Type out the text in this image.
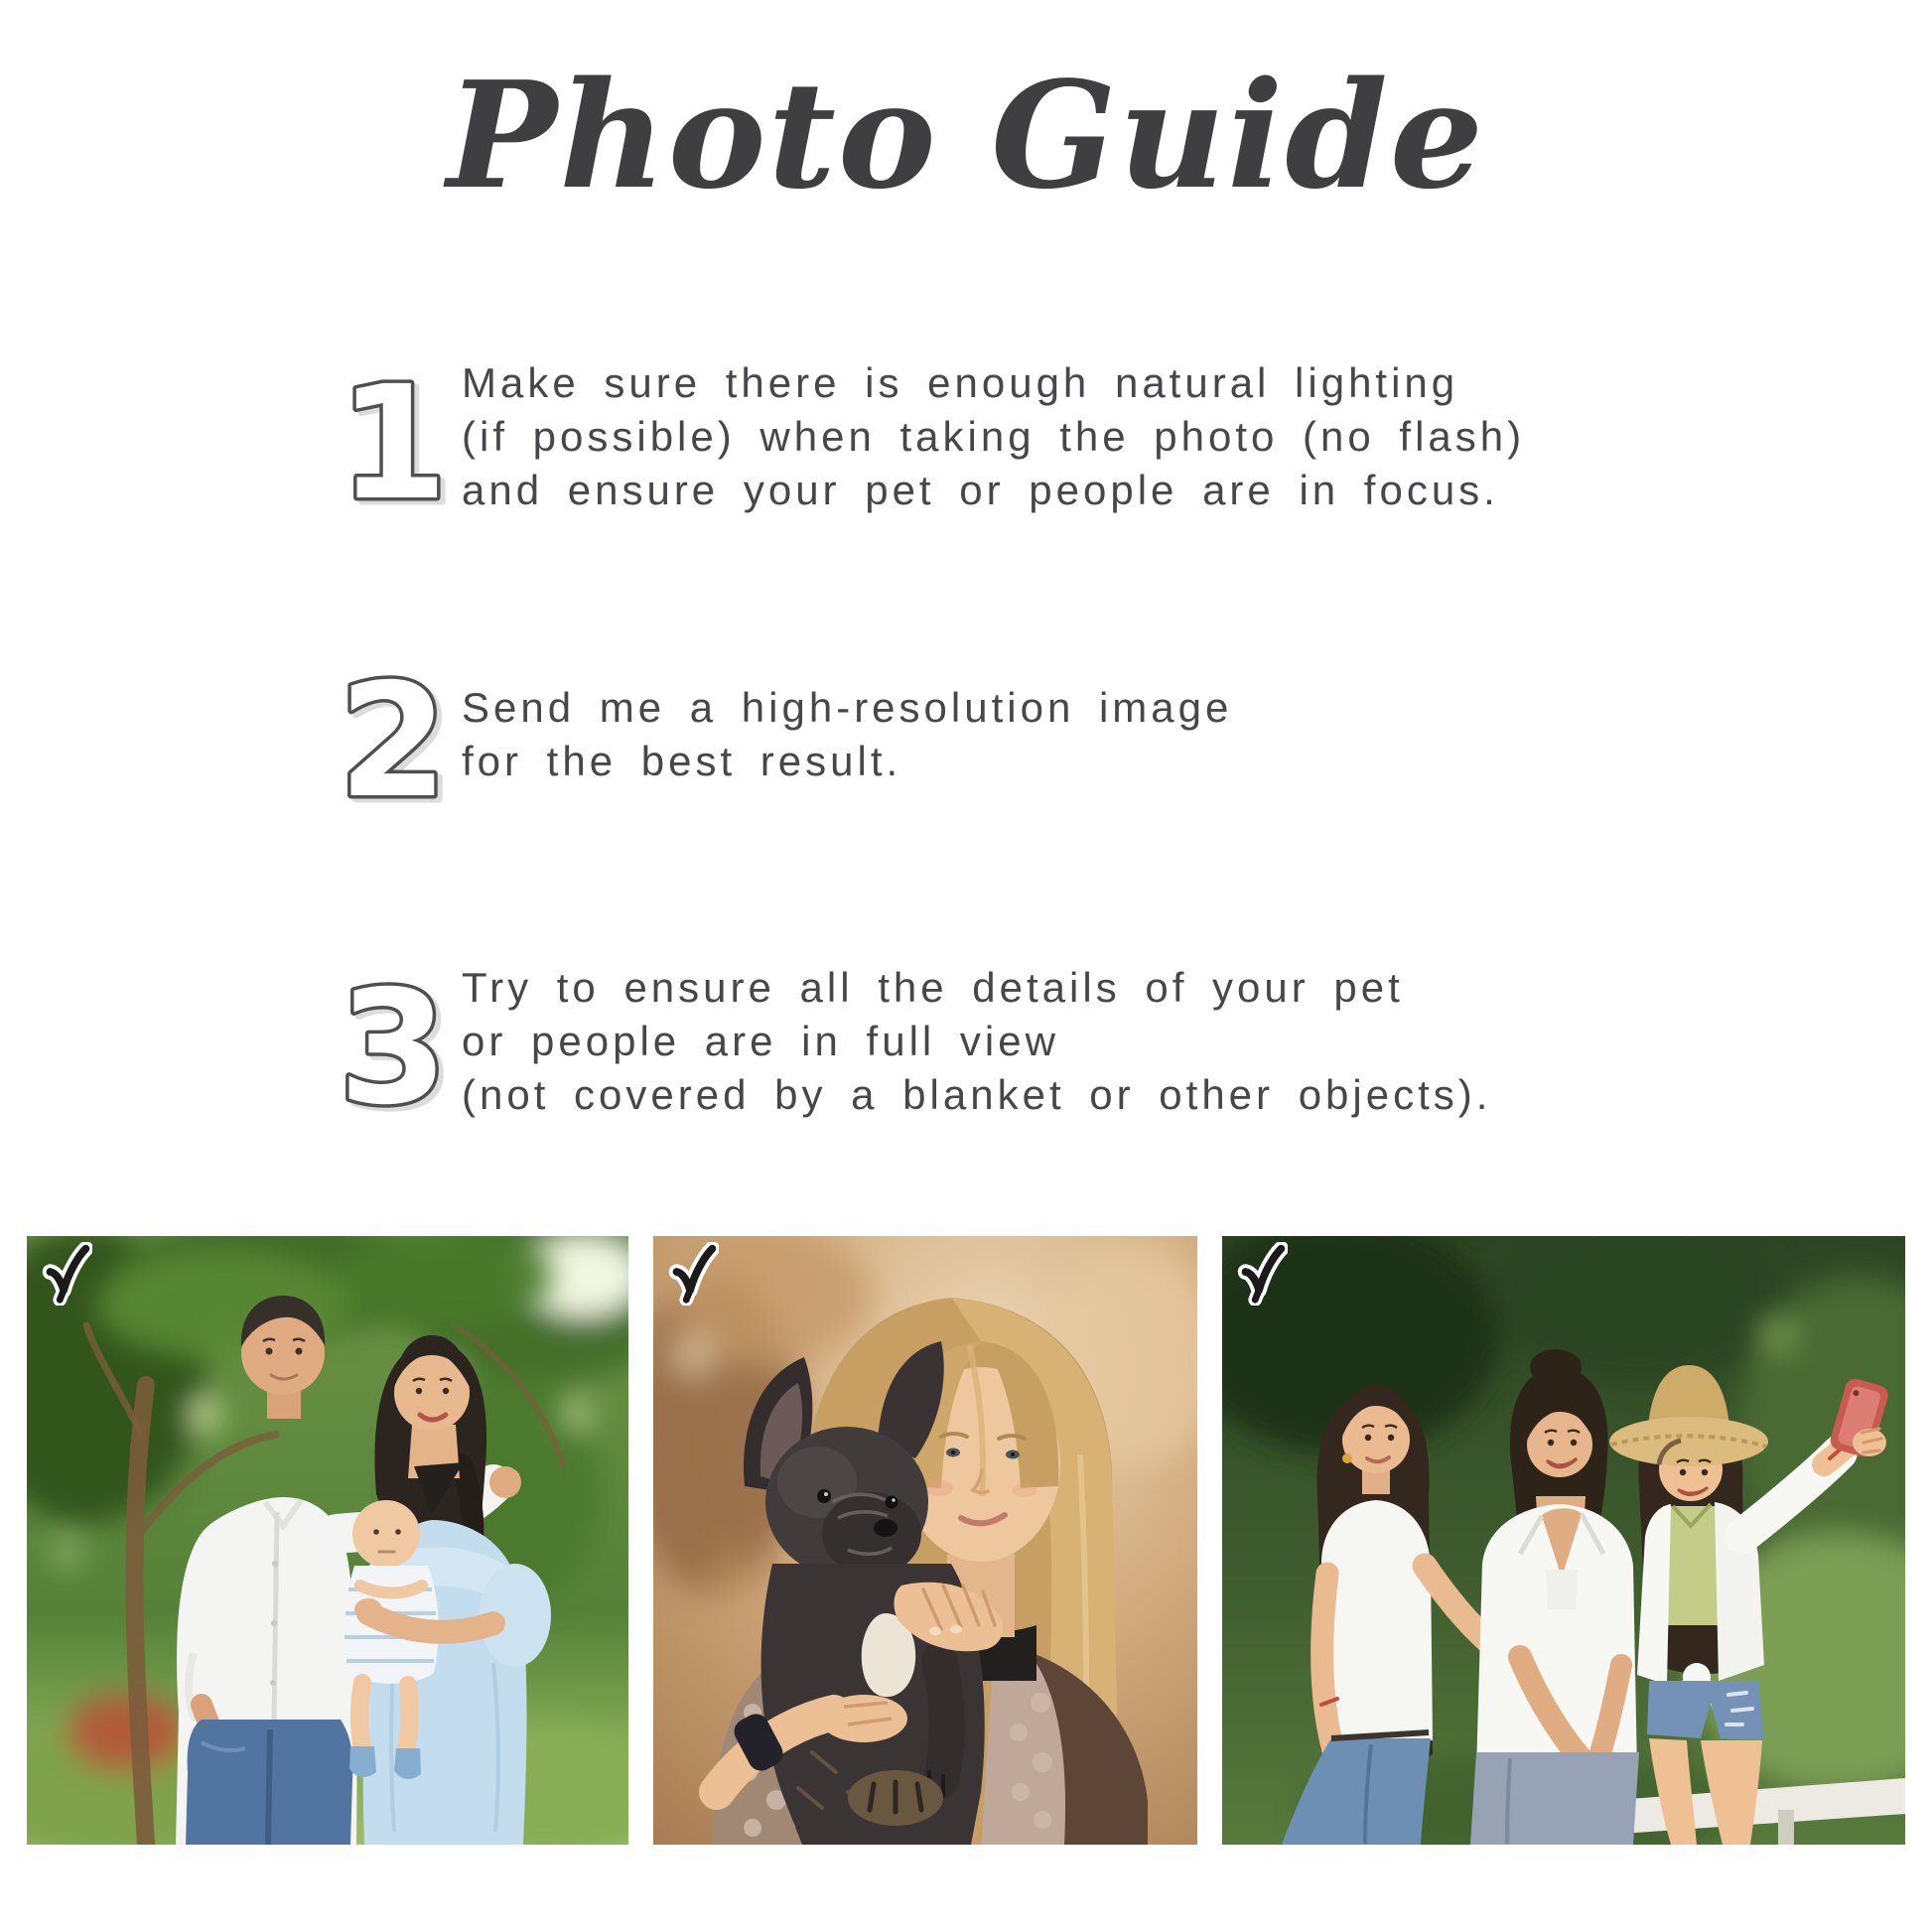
Photo Guide
1 Make sure there is enough natural lighting

(if possible) when taking the photo (no flash)

and ensure your pet or people are in focus.

2 Send me a high-resolution image

for the best result.

3 Try to ensure all the details of your pet

or people are in full view

(not covered by a blanket or other objects).
